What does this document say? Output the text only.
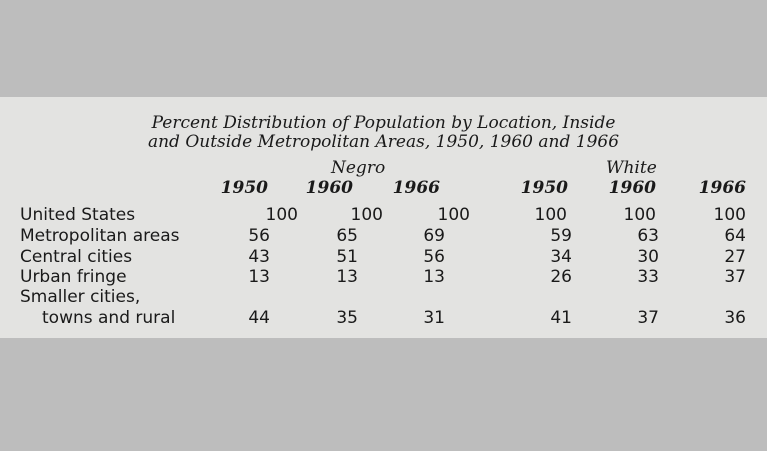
Percent Distribution of Population by Location, Inside
and Outside Metropolitan Areas, 1950, 1960 and 1966
Negro	White
1950	1960	1966	1950	1960	1966
United States	100	100	100	100	100	100
Metropolitan areas	56	65	69	59	63	64
Central cities	43	51	56	34	30	27
Urban fringe	13	13	13	26	33	37
Smaller cities,
towns and rural	44	35	31	41	37	36
